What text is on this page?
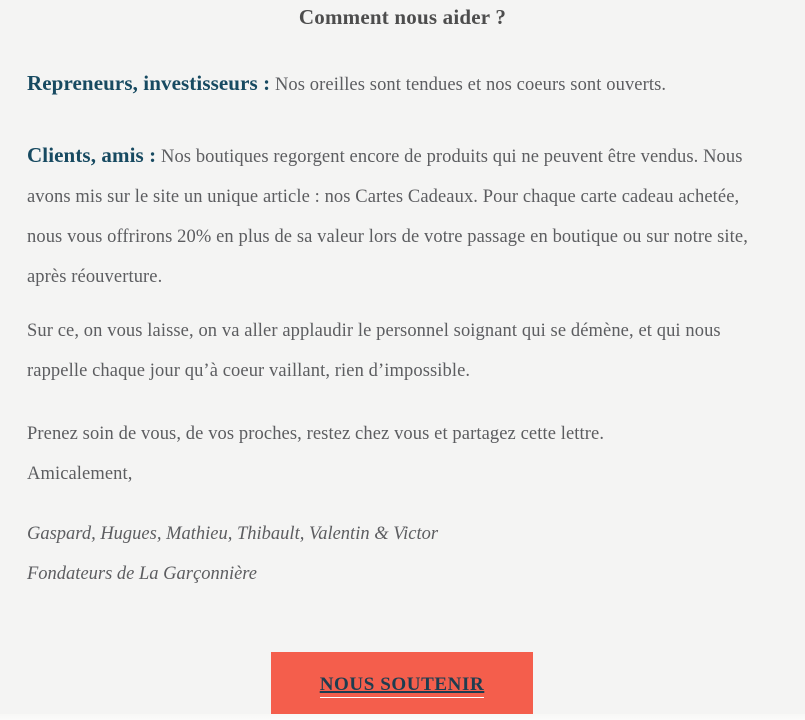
Comment nous aider ?

Repreneurs, investisseurs : Nos oreilles sont tendues et nos coeurs sont ouverts.

Clients, amis : Nos boutiques regorgent encore de produits qui ne peuvent être vendus. Nous avons mis sur le site un unique article : nos Cartes Cadeaux. Pour chaque carte cadeau achetée, nous vous offrirons 20% en plus de sa valeur lors de votre passage en boutique ou sur notre site, après réouverture.

Sur ce, on vous laisse, on va aller applaudir le personnel soignant qui se démène, et qui nous rappelle chaque jour qu’à coeur vaillant, rien d’impossible.

Prenez soin de vous, de vos proches, restez chez vous et partagez cette lettre.

Amicalement,

Gaspard, Hugues, Mathieu, Thibault, Valentin & Victor
Fondateurs de La Garçonnière
NOUS SOUTENIR
